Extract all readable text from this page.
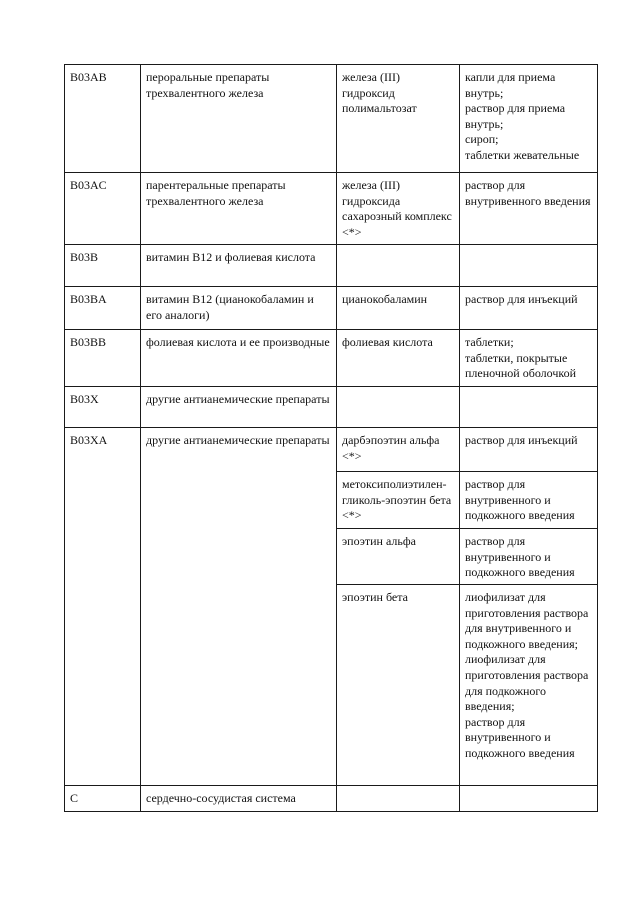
B03AB	пероральные препараты трехвалентного железа	железа (III) гидроксид полимальтозат	капли для приема внутрь;
раствор для приема внутрь;
сироп;
таблетки жевательные
B03AC	парентеральные препараты трехвалентного железа	железа (III) гидроксида сахарозный комплекс <*>	раствор для внутривенного введения
B03B	витамин B12 и фолиевая кислота		
B03BA	витамин B12 (цианокобаламин и его аналоги)	цианокобаламин	раствор для инъекций
B03BB	фолиевая кислота и ее производные	фолиевая кислота	таблетки;
таблетки, покрытые пленочной оболочкой
B03X	другие антианемические препараты		
B03XA	другие антианемические препараты	дарбэпоэтин альфа <*>	раствор для инъекций
		метоксиполиэтилен-гликоль-эпоэтин бета <*>	раствор для внутривенного и подкожного введения
		эпоэтин альфа	раствор для внутривенного и подкожного введения
		эпоэтин бета	лиофилизат для приготовления раствора для внутривенного и подкожного введения;
лиофилизат для приготовления раствора для подкожного введения;
раствор для внутривенного и подкожного введения
C	сердечно-сосудистая система		
